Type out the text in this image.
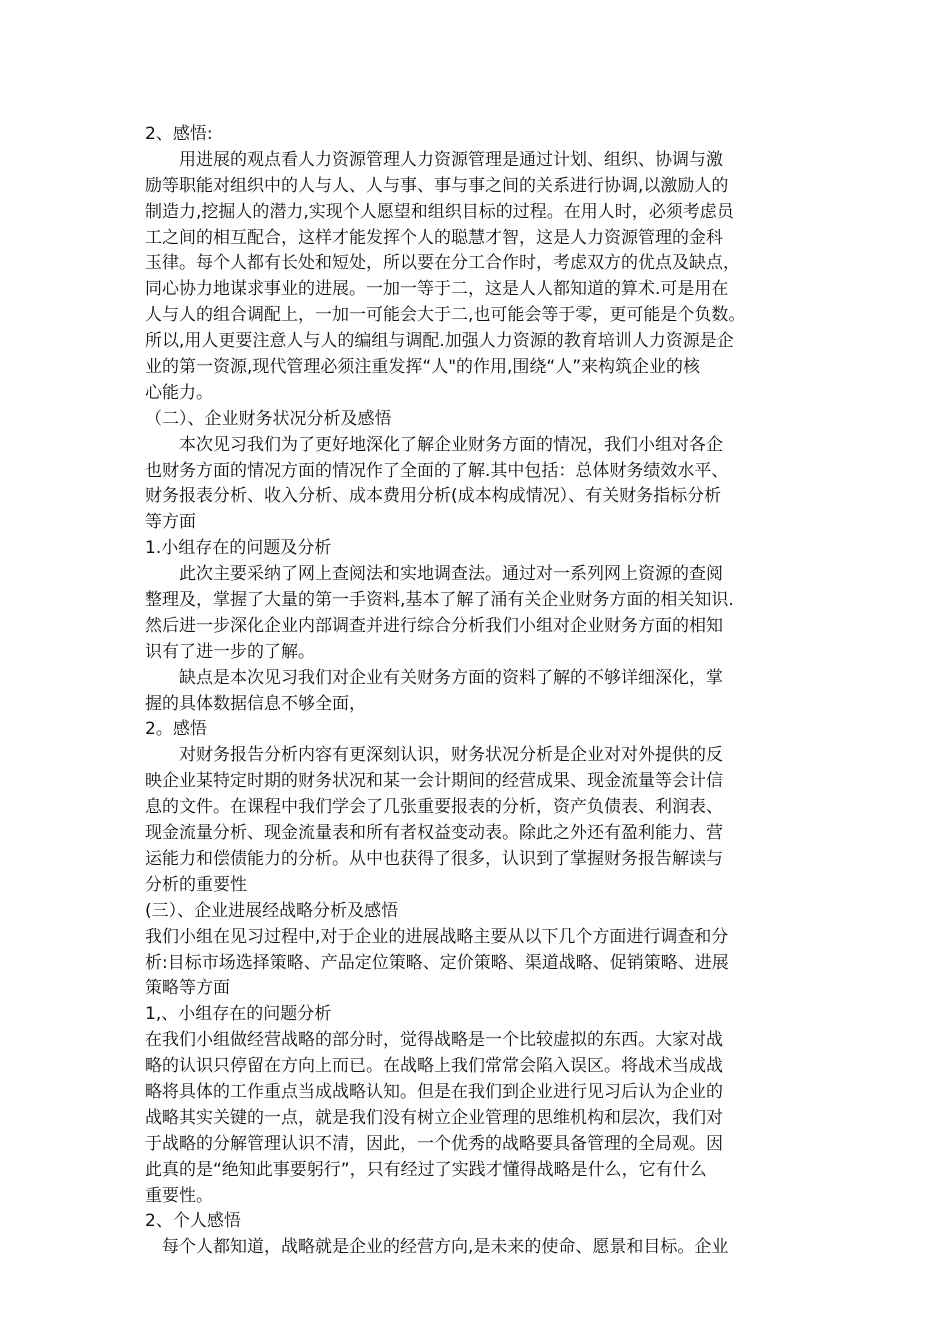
2、感悟:
用进展的观点看人力资源管理人力资源管理是通过计划、组织、协调与激
励等职能对组织中的人与人、人与事、事与事之间的关系进行协调,以激励人的
制造力,挖掘人的潜力,实现个人愿望和组织目标的过程。在用人时，必须考虑员
工之间的相互配合，这样才能发挥个人的聪慧才智，这是人力资源管理的金科
玉律。每个人都有长处和短处，所以要在分工合作时，考虑双方的优点及缺点，
同心协力地谋求事业的进展。一加一等于二，这是人人都知道的算术.可是用在
人与人的组合调配上，一加一可能会大于二,也可能会等于零，更可能是个负数。
所以,用人更要注意人与人的编组与调配.加强人力资源的教育培训人力资源是企
业的第一资源,现代管理必须注重发挥“人"的作用,围绕“人”来构筑企业的核
心能力。
（二）、企业财务状况分析及感悟
本次见习我们为了更好地深化了解企业财务方面的情况，我们小组对各企
也财务方面的情况方面的情况作了全面的了解.其中包括：总体财务绩效水平、
财务报表分析、收入分析、成本费用分析(成本构成情况）、有关财务指标分析
等方面
1.小组存在的问题及分析
此次主要采纳了网上查阅法和实地调查法。通过对一系列网上资源的查阅
整理及，掌握了大量的第一手资料,基本了解了涌有关企业财务方面的相关知识.
然后进一步深化企业内部调查并进行综合分析我们小组对企业财务方面的相知
识有了进一步的了解。
缺点是本次见习我们对企业有关财务方面的资料了解的不够详细深化，掌
握的具体数据信息不够全面，
2。感悟
对财务报告分析内容有更深刻认识，财务状况分析是企业对对外提供的反
映企业某特定时期的财务状况和某一会计期间的经营成果、现金流量等会计信
息的文件。在课程中我们学会了几张重要报表的分析，资产负债表、利润表、
现金流量分析、现金流量表和所有者权益变动表。除此之外还有盈利能力、营
运能力和偿债能力的分析。从中也获得了很多，认识到了掌握财务报告解读与
分析的重要性
(三）、企业进展经战略分析及感悟
我们小组在见习过程中,对于企业的进展战略主要从以下几个方面进行调查和分
析:目标市场选择策略、产品定位策略、定价策略、渠道战略、促销策略、进展
策略等方面
1,、小组存在的问题分析
在我们小组做经营战略的部分时，觉得战略是一个比较虚拟的东西。大家对战
略的认识只停留在方向上而已。在战略上我们常常会陷入误区。将战术当成战
略将具体的工作重点当成战略认知。但是在我们到企业进行见习后认为企业的
战略其实关键的一点，就是我们没有树立企业管理的思维机构和层次，我们对
于战略的分解管理认识不清，因此，一个优秀的战略要具备管理的全局观。因
此真的是“绝知此事要躬行”，只有经过了实践才懂得战略是什么，它有什么
重要性。
2、个人感悟
每个人都知道，战略就是企业的经营方向,是未来的使命、愿景和目标。企业
